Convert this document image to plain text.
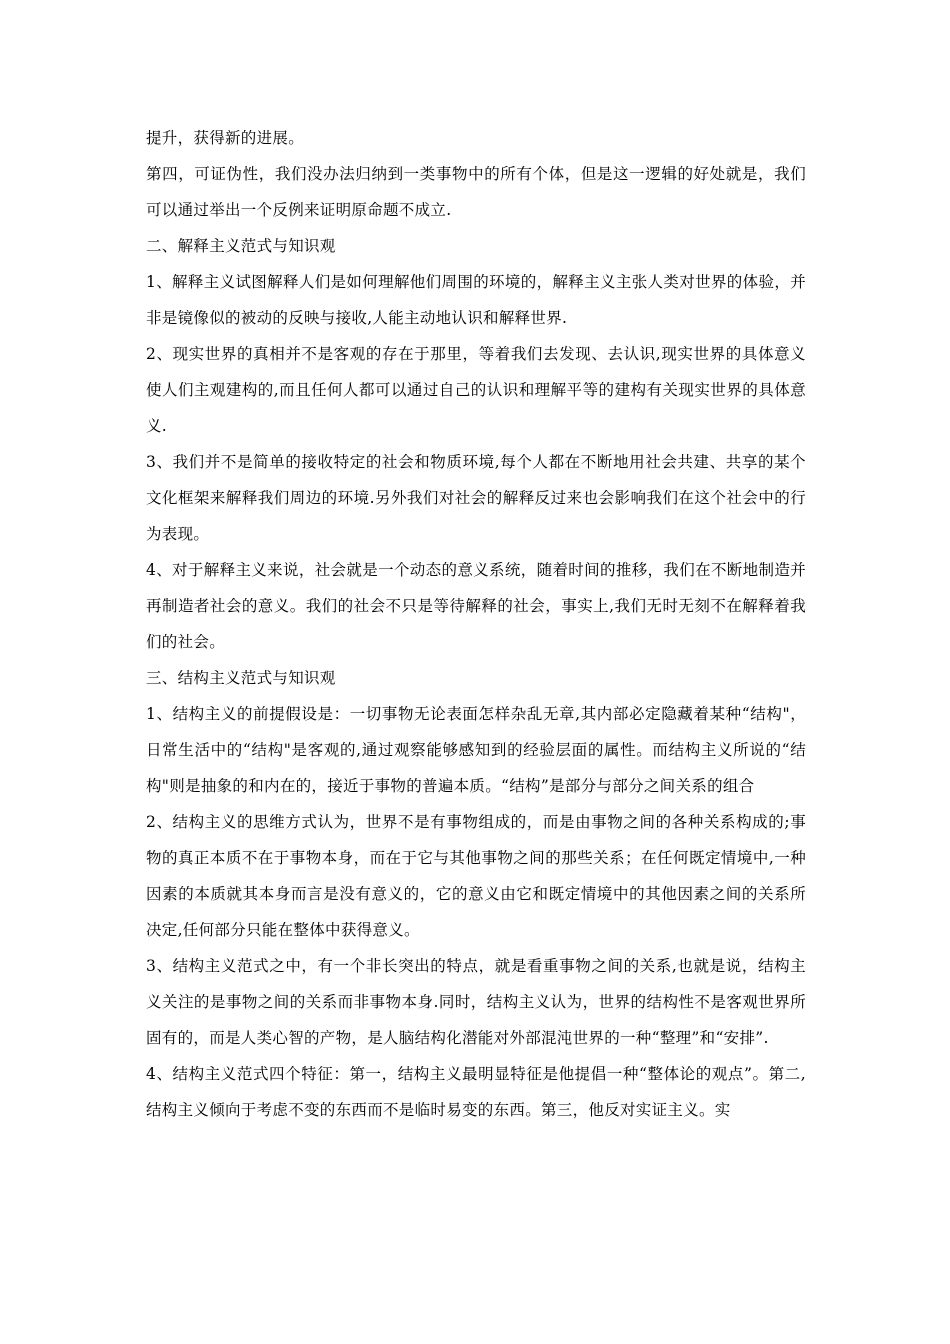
提升，获得新的进展。

第四，可证伪性，我们没办法归纳到一类事物中的所有个体，但是这一逻辑的好处就是，我们可以通过举出一个反例来证明原命题不成立.

二、解释主义范式与知识观

1、解释主义试图解释人们是如何理解他们周围的环境的，解释主义主张人类对世界的体验，并非是镜像似的被动的反映与接收,人能主动地认识和解释世界.

2、现实世界的真相并不是客观的存在于那里，等着我们去发现、去认识,现实世界的具体意义使人们主观建构的,而且任何人都可以通过自己的认识和理解平等的建构有关现实世界的具体意义.

3、我们并不是简单的接收特定的社会和物质环境,每个人都在不断地用社会共建、共享的某个文化框架来解释我们周边的环境.另外我们对社会的解释反过来也会影响我们在这个社会中的行为表现。

4、对于解释主义来说，社会就是一个动态的意义系统，随着时间的推移，我们在不断地制造并再制造者社会的意义。我们的社会不只是等待解释的社会，事实上,我们无时无刻不在解释着我们的社会。

三、结构主义范式与知识观

1、结构主义的前提假设是：一切事物无论表面怎样杂乱无章,其内部必定隐藏着某种“结构"，日常生活中的“结构"是客观的,通过观察能够感知到的经验层面的属性。而结构主义所说的“结构"则是抽象的和内在的，接近于事物的普遍本质。“结构”是部分与部分之间关系的组合

2、结构主义的思维方式认为，世界不是有事物组成的，而是由事物之间的各种关系构成的;事物的真正本质不在于事物本身，而在于它与其他事物之间的那些关系；在任何既定情境中,一种因素的本质就其本身而言是没有意义的，它的意义由它和既定情境中的其他因素之间的关系所决定,任何部分只能在整体中获得意义。

3、结构主义范式之中，有一个非长突出的特点，就是看重事物之间的关系,也就是说，结构主义关注的是事物之间的关系而非事物本身.同时，结构主义认为，世界的结构性不是客观世界所固有的，而是人类心智的产物，是人脑结构化潜能对外部混沌世界的一种“整理”和“安排”.

4、结构主义范式四个特征：第一，结构主义最明显特征是他提倡一种“整体论的观点”。第二,结构主义倾向于考虑不变的东西而不是临时易变的东西。第三，他反对实证主义。实
